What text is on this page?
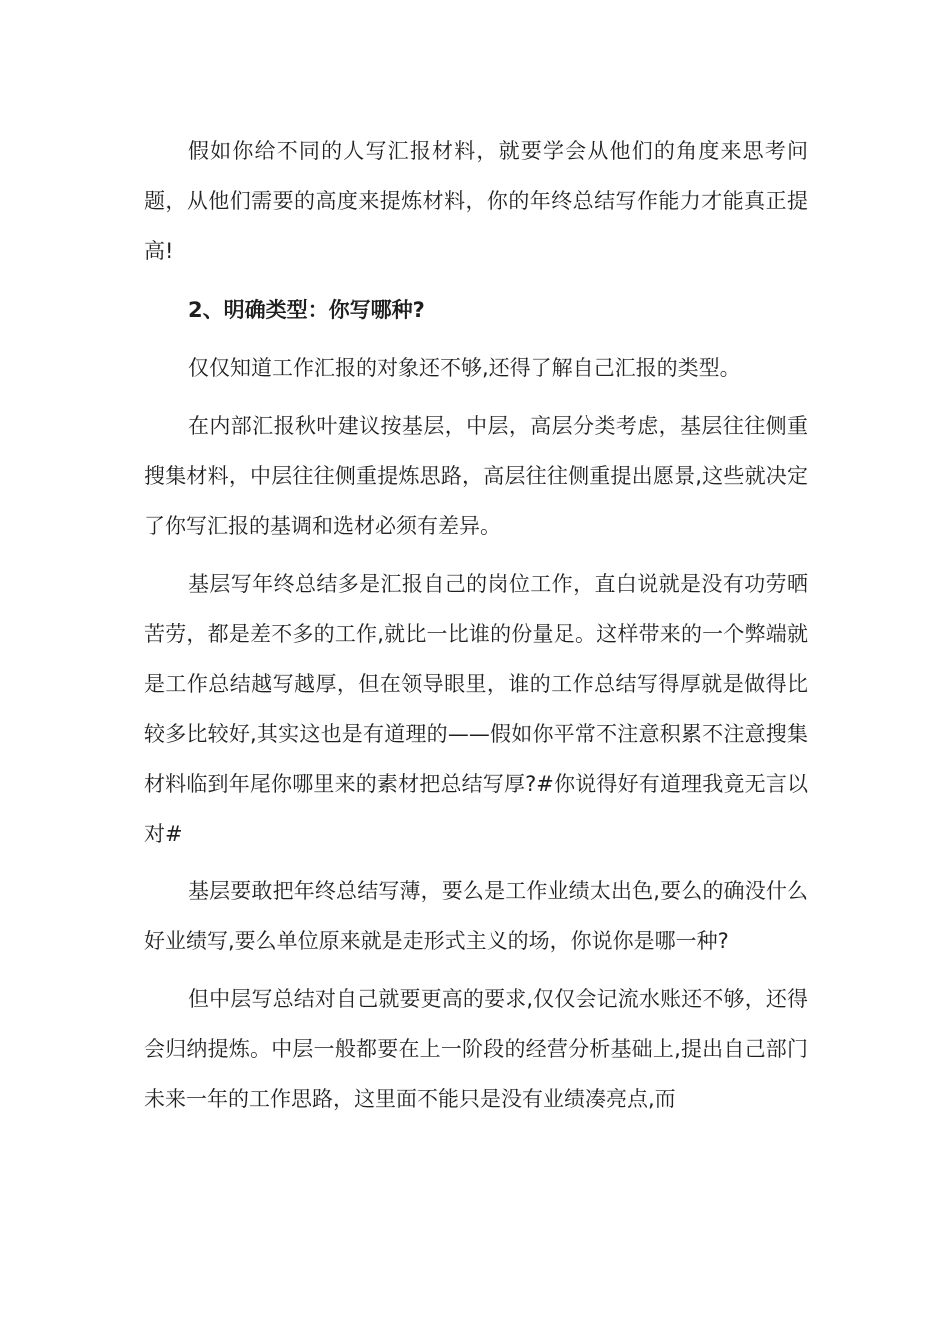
假如你给不同的人写汇报材料，就要学会从他们的角度来思考问题，从他们需要的高度来提炼材料，你的年终总结写作能力才能真正提高!

2、明确类型：你写哪种?

仅仅知道工作汇报的对象还不够,还得了解自己汇报的类型。

在内部汇报秋叶建议按基层，中层，高层分类考虑，基层往往侧重搜集材料，中层往往侧重提炼思路，高层往往侧重提出愿景,这些就决定了你写汇报的基调和选材必须有差异。

基层写年终总结多是汇报自己的岗位工作，直白说就是没有功劳晒苦劳，都是差不多的工作,就比一比谁的份量足。这样带来的一个弊端就是工作总结越写越厚，但在领导眼里，谁的工作总结写得厚就是做得比较多比较好,其实这也是有道理的——假如你平常不注意积累不注意搜集材料临到年尾你哪里来的素材把总结写厚?#你说得好有道理我竟无言以对#

基层要敢把年终总结写薄，要么是工作业绩太出色,要么的确没什么好业绩写,要么单位原来就是走形式主义的场，你说你是哪一种?

但中层写总结对自己就要更高的要求,仅仅会记流水账还不够，还得会归纳提炼。中层一般都要在上一阶段的经营分析基础上,提出自己部门未来一年的工作思路，这里面不能只是没有业绩凑亮点,而
